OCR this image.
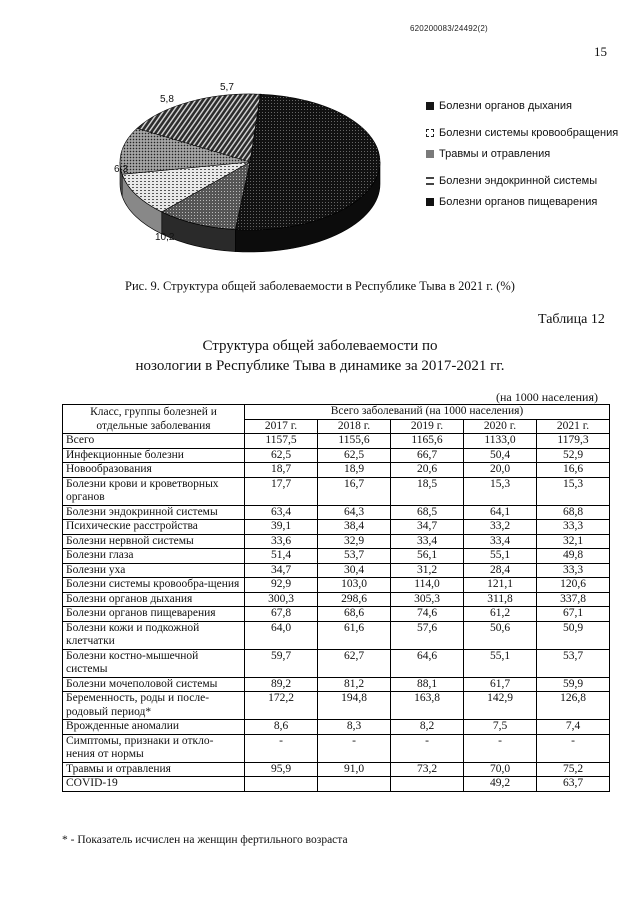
620200083/24492(2)
15
28,6
5,7
5,8
6,3
10,2
Болезни органов дыхания
Болезни системы кровообращения
Травмы и отравления
Болезни эндокринной системы
Болезни органов пищеварения
Рис. 9. Структура общей заболеваемости в Республике Тыва в 2021 г. (%)
Таблица 12
Структура общей заболеваемости по
нозологии в Республике Тыва в динамике за 2017-2021 гг.
(на 1000 населения)
Класс, группы болезней и отдельные заболевания	Всего заболеваний (на 1000 населения)				
	2017 г.	2018 г.	2019 г.	2020 г.	2021 г.
Всего	1157,5	1155,6	1165,6	1133,0	1179,3
Инфекционные болезни	62,5	62,5	66,7	50,4	52,9
Новообразования	18,7	18,9	20,6	20,0	16,6
Болезни крови и кроветворных органов	17,7	16,7	18,5	15,3	15,3
Болезни эндокринной системы	63,4	64,3	68,5	64,1	68,8
Психические расстройства	39,1	38,4	34,7	33,2	33,3
Болезни нервной системы	33,6	32,9	33,4	33,4	32,1
Болезни глаза	51,4	53,7	56,1	55,1	49,8
Болезни уха	34,7	30,4	31,2	28,4	33,3
Болезни системы кровообра-щения	92,9	103,0	114,0	121,1	120,6
Болезни органов дыхания	300,3	298,6	305,3	311,8	337,8
Болезни органов пищеварения	67,8	68,6	74,6	61,2	67,1
Болезни кожи и подкожной клетчатки	64,0	61,6	57,6	50,6	50,9
Болезни костно-мышечной системы	59,7	62,7	64,6	55,1	53,7
Болезни мочеполовой системы	89,2	81,2	88,1	61,7	59,9
Беременность, роды и после-родовый период*	172,2	194,8	163,8	142,9	126,8
Врожденные аномалии	8,6	8,3	8,2	7,5	7,4
Симптомы, признаки и откло-нения от нормы	-	-	-	-	-
Травмы и отравления	95,9	91,0	73,2	70,0	75,2
COVID-19				49,2	63,7
* - Показатель исчислен на женщин фертильного возраста
